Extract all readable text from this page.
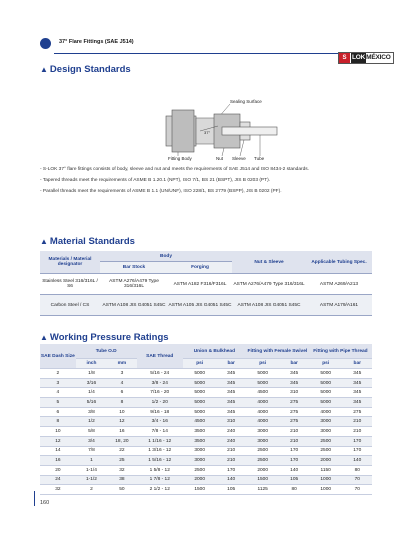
37° Flare Fittings (SAE J514)
S LOKMÉXICO
▲ Design Standards
Sealing Surface
37°
Fitting Body	Nut Sleeve Tube
- S-LOK 37° flare fittings consists of body, sleeve and nut and meets the requirements of SAE J514 and ISO 8434-2 standards.
- Tapered threads meet the requirements of ASME B 1.20.1 (NPT), ISO 7/1, BS 21 (BSPT), JIS B 0203 (PT).
- Parallel threads meet the requirements of ASME B 1.1 (UN/UNF), ISO 228/1, BS 2779 (BSPP), JIS B 0202 (PF).
▲ Material Standards
Materials / Material designator	Body		Nut & Sleeve	Applicable Tubing Spec.
	Bar Stock	Forging		
Stainless Steel 316/316L / S6	ASTM A276/A479 Type 316/316L	ASTM A182 F316/F316L	ASTM A276/A479 Type 316/316L	ASTM A269/A213
Carbon Steel / CS	ASTM A108 JIS G4051 S45C	ASTM A105 JIS G4051 S45C	ASTM A108 JIS G4051 S45C	ASTM A179/A161
▲ Working Pressure Ratings
SAE Dash Size	Tube O.D		SAE Thread	Union & Bulkhead		Fitting with Female Swivel		Fitting with Pipe Thread	
	inch	mm		psi	bar	psi	bar	psi	bar
2	1/8	3	5/16 - 24	5000	345	5000	345	5000	345
3	3/16	4	3/8 - 24	5000	345	5000	345	5000	345
4	1/4	6	7/16 - 20	5000	345	4500	310	5000	345
5	5/16	8	1/2 - 20	5000	345	4000	275	5000	345
6	3/8	10	9/16 - 18	5000	345	4000	275	4000	275
8	1/2	12	3/4 - 16	4500	310	4000	275	3000	210
10	5/8	16	7/8 - 14	3500	240	3000	210	3000	210
12	3/4	18, 20	1 1/16 - 12	3500	240	3000	210	2500	170
14	7/8	22	1 3/16 - 12	3000	210	2500	170	2500	170
16	1	25	1 5/16 - 12	3000	210	2500	170	2000	140
20	1-1/4	32	1 5/8 - 12	2500	170	2000	140	1150	80
24	1-1/2	38	1 7/8 - 12	2000	140	1500	105	1000	70
32	2	50	2 1/2 - 12	1500	105	1125	80	1000	70
160
